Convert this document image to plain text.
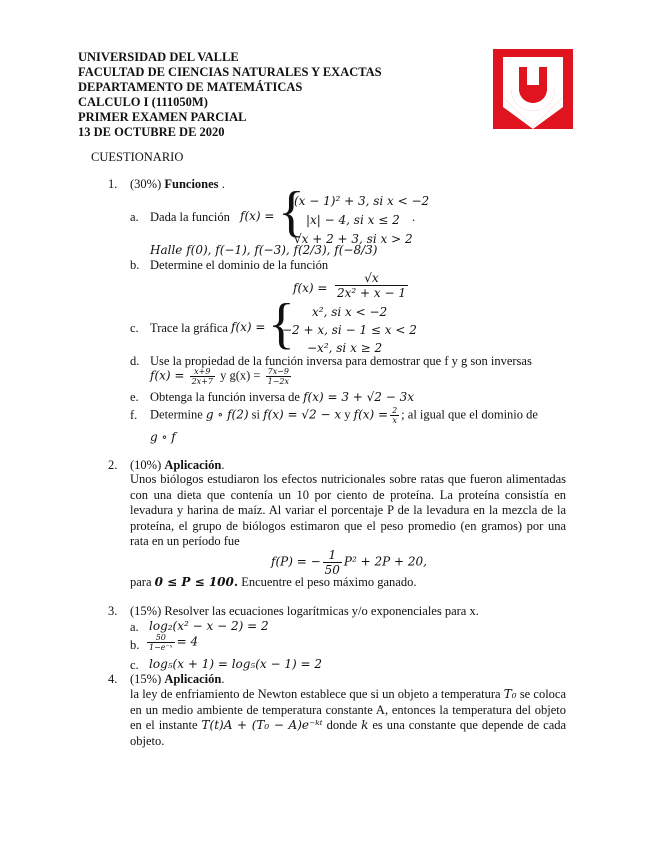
UNIVERSIDAD DEL VALLE
FACULTAD DE CIENCIAS NATURALES Y EXACTAS
DEPARTAMENTO DE MATEMÁTICAS
CALCULO I (111050M)
PRIMER EXAMEN PARCIAL
13 DE OCTUBRE DE 2020
CUESTIONARIO
1. (30%) Funciones .
a. Dada la función f(x) = {
(x − 1)² + 3, si x < −2
|x| − 4, si x ≤ 2
√x + 2 + 3, si x > 2
.
Halle f(0), f(−1), f(−3), f(2/3), f(−8/3)
b. Determine el dominio de la función
$f(x) = \frac{√x}{\text{2x² + x − 1}}$
c. Trace la gráfica f(x) = {	x², si x < −2
−2 + x, si − 1 ≤ x < 2
−x², si x ≥ 2
d. Use la propiedad de la función inversa para demostrar que f y g son inversas
$f(x) = \frac{x+9}{2x+7}$ y $g(x) = \frac{7x-9}{1-2x}$
e. Obtenga la función inversa de f(x) = 3 + √2 − 3x
f. Determine g ∘ f(2) si f(x) = √2 − x y $f(x) = \frac{2}{x}$ ; al igual que el dominio de
g ∘ f
2. (10%) Aplicación.
Unos biólogos estudiaron los efectos nutricionales sobre ratas que fueron alimentadas con una dieta que contenía un 10 por ciento de proteína. La proteína consistía en levadura y harina de maíz. Al variar el porcentaje P de la levadura en la mezcla de la proteína, el grupo de biólogos estimaron que el peso promedio (en gramos) por una rata en un período fue
f(P) = − $\frac{1}{50} P^2 + 2P + 20$,
para 0 ≤ P ≤ 100. Encuentre el peso máximo ganado.
3. (15%) Resolver las ecuaciones logarítmicas y/o exponenciales para x.
a. log₂(x² − x − 2) = 2
b. $\frac{50}{\text{1−e⁻ˣ}} = 4$
c. log₅(x + 1) = log₅(x − 1) = 2
4. (15%) Aplicación.
la ley de enfriamiento de Newton establece que si un objeto a temperatura T₀ se coloca en un medio ambiente de temperatura constante A, entonces la temperatura del objeto en el instante T(t)A + (T₀ − A)e⁻ᵏᵗ donde k es una constante que depende de cada objeto.
